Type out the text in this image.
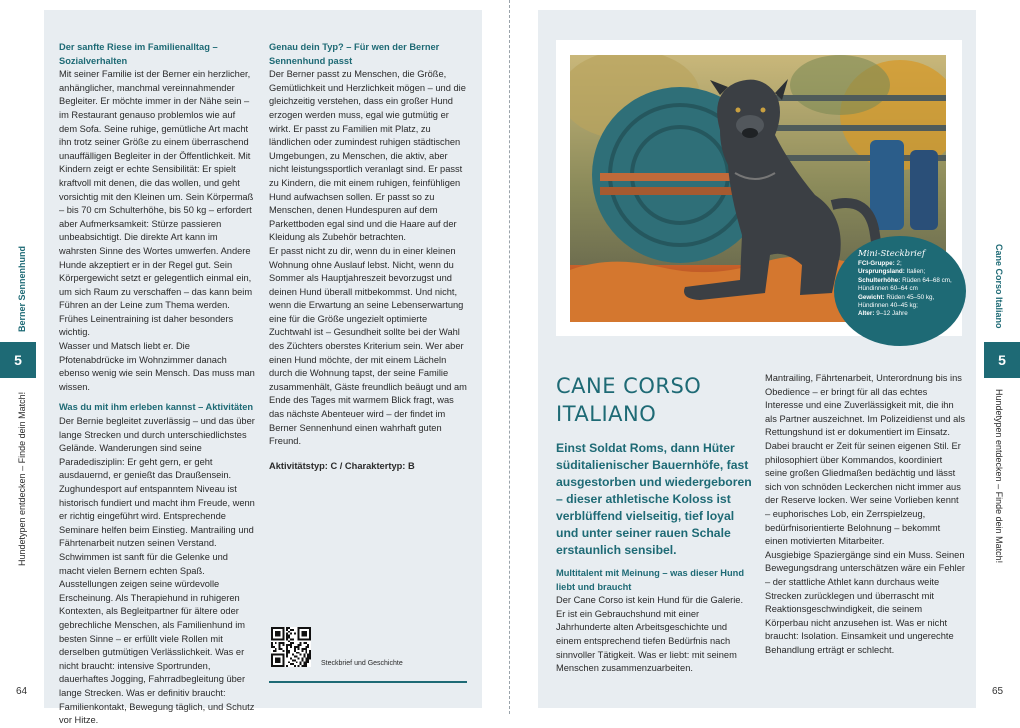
Der sanfte Riese im Familienalltag – Sozialverhalten

Mit seiner Familie ist der Berner ein herzlicher, anhänglicher, manchmal vereinnahmender Begleiter. Er möchte immer in der Nähe sein – im Restaurant genauso problemlos wie auf dem Sofa. Seine ruhige, gemütliche Art macht ihn trotz seiner Größe zu einem überraschend unauffälligen Begleiter in der Öffentlichkeit. Mit Kindern zeigt er echte Sensibilität: Er spielt kraftvoll mit denen, die das wollen, und geht vorsichtig mit den Kleinen um. Sein Körpermaß – bis 70 cm Schulterhöhe, bis 50 kg – erfordert aber Aufmerksamkeit: Stürze passieren unbeabsichtigt. Die direkte Art kann im wahrsten Sinne des Wortes umwerfen. Andere Hunde akzeptiert er in der Regel gut. Sein Körpergewicht setzt er gelegentlich einmal ein, um sich Raum zu verschaffen – das kann beim Führen an der Leine zum Thema werden. Frühes Leinentraining ist daher besonders wichtig.

Wasser und Matsch liebt er. Die Pfotenabdrücke im Wohnzimmer danach ebenso wenig wie sein Mensch. Das muss man wissen.

Was du mit ihm erleben kannst – Aktivitäten

Der Bernie begleitet zuverlässig – und das über lange Strecken und durch unterschiedlichstes Gelände. Wanderungen sind seine Paradedisziplin: Er geht gern, er geht ausdauernd, er genießt das Draußensein. Zughundesport auf entspanntem Niveau ist historisch fundiert und macht ihm Freude, wenn er richtig eingeführt wird. Entsprechende Seminare helfen beim Einstieg. Mantrailing und Fährtenarbeit nutzen seinen Verstand. Schwimmen ist sanft für die Gelenke und macht vielen Bernern echten Spaß. Ausstellungen zeigen seine würdevolle Erscheinung. Als Therapiehund in ruhigeren Kontexten, als Begleitpartner für ältere oder gebrechliche Menschen, als Familienhund im besten Sinne – er erfüllt viele Rollen mit derselben gutmütigen Verlässlichkeit. Was er nicht braucht: intensive Sportrunden, dauerhaftes Jogging, Fahrradbegleitung über lange Strecken. Was er definitiv braucht: Familienkontakt, Bewegung täglich, und Schutz vor Hitze.

Genau dein Typ? – Für wen der Berner Sennenhund passt

Der Berner passt zu Menschen, die Größe, Gemütlichkeit und Herzlichkeit mögen – und die gleichzeitig verstehen, dass ein großer Hund erzogen werden muss, egal wie gutmütig er wirkt. Er passt zu Familien mit Platz, zu ländlichen oder zumindest ruhigen städtischen Umgebungen, zu Menschen, die aktiv, aber nicht leistungssportlich veranlagt sind. Er passt zu Kindern, die mit einem ruhigen, feinfühligen Hund aufwachsen sollen. Er passt so zu Menschen, denen Hundespuren auf dem Parkettboden egal sind und die Haare auf der Kleidung als Zubehör betrachten.

Er passt nicht zu dir, wenn du in einer kleinen Wohnung ohne Auslauf lebst. Nicht, wenn du Sommer als Hauptjahreszeit bevorzugst und deinen Hund überall mitbekommst. Und nicht, wenn die Erwartung an seine Lebenserwartung eine für die Größe ungezielt optimierte Zuchtwahl ist – Gesundheit sollte bei der Wahl des Züchters oberstes Kriterium sein. Wer aber einen Hund möchte, der mit einem Lächeln durch die Wohnung tapst, der seine Familie zusammenhält, Gäste freundlich beäugt und am Ende des Tages mit warmem Blick fragt, was das nächste Abenteuer wird – der findet im Berner Sennenhund einen wahrhaft guten Freund.

Aktivitätstyp: C / Charaktertyp: B

Steckbrief und Geschichte
Berner Sennenhund
5
Hundetypen entdecken – Finde dein Match!
64
Mini-Steckbrief
FCI-Gruppe: 2;
Ursprungsland: Italien;
Schulterhöhe: Rüden 64–68 cm, Hündinnen 60–64 cm
Gewicht: Rüden 45–50 kg, Hündinnen 40–45 kg;
Alter: 9–12 Jahre
CANE CORSO ITALIANO
Einst Soldat Roms, dann Hüter süditalienischer Bauernhöfe, fast ausgestorben und wiedergeboren – dieser athletische Koloss ist verblüffend vielseitig, tief loyal und unter seiner rauen Schale erstaunlich sensibel.
Multitalent mit Meinung – was dieser Hund liebt und braucht

Der Cane Corso ist kein Hund für die Galerie. Er ist ein Gebrauchshund mit einer Jahrhunderte alten Arbeitsgeschichte und einem entsprechend tiefen Bedürfnis nach sinnvoller Tätigkeit. Was er liebt: mit seinem Menschen zusammenzuarbeiten.

Mantrailing, Fährtenarbeit, Unterordnung bis ins Obedience – er bringt für all das echtes Interesse und eine Zuverlässigkeit mit, die ihn als Partner auszeichnet. Im Polizeidienst und als Rettungshund ist er dokumentiert im Einsatz. Dabei braucht er Zeit für seinen eigenen Stil. Er philosophiert über Kommandos, koordiniert seine großen Gliedmaßen bedächtig und lässt sich von schnöden Leckerchen nicht immer aus der Reserve locken. Wer seine Vorlieben kennt – euphorisches Lob, ein Zerrspielzeug, bedürfnisorientierte Belohnung – bekommt einen motivierten Mitarbeiter.

Ausgiebige Spaziergänge sind ein Muss. Seinen Bewegungsdrang unterschätzen wäre ein Fehler – der stattliche Athlet kann durchaus weite Strecken zurücklegen und überrascht mit Reaktionsgeschwindigkeit, die seinem Körperbau nicht anzusehen ist. Was er nicht braucht: Isolation. Einsamkeit und ungerechte Behandlung erträgt er schlecht.

Cane Corso Italiano
5
Hundetypen entdecken – Finde dein Match!
65
